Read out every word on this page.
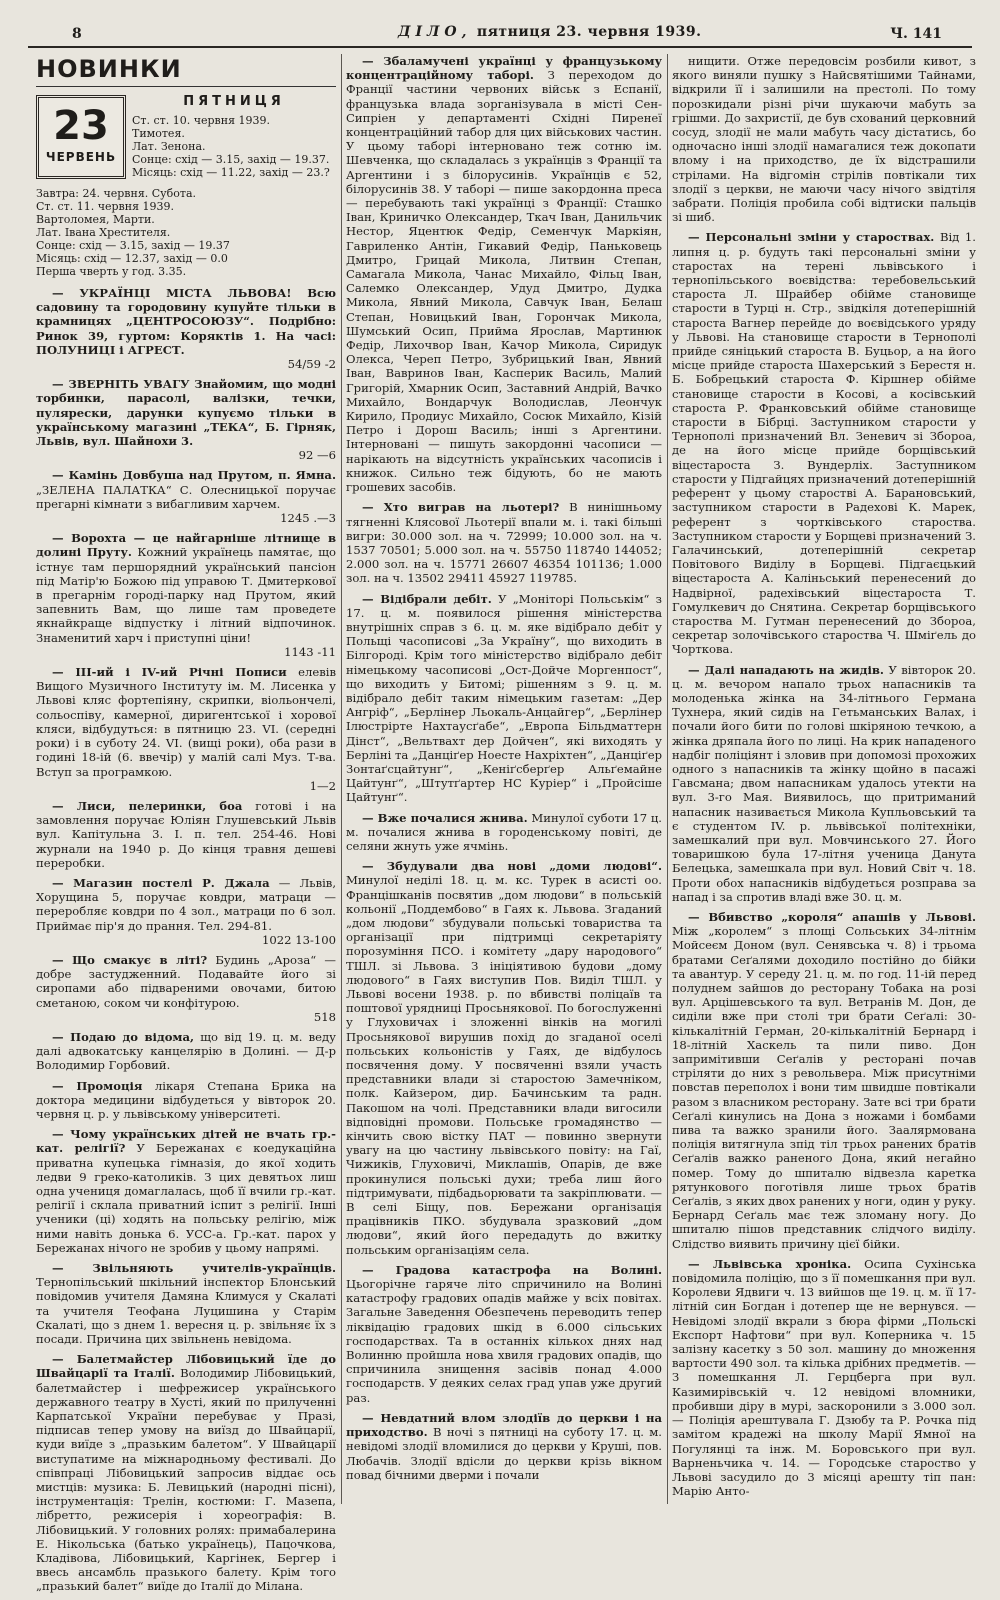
8	ДІЛО, пятниця 23. червня 1939.	Ч. 141
НОВИНКИ
23
ЧЕРВЕНЬ
ПЯТНИЦЯ
Ст. ст. 10. червня 1939.
Тимотея.
Лат. Зенона.
Сонце: схід — 3.15, захід — 19.37.
Місяць: схід — 11.22, захід — 23.?
Завтра: 24. червня. Субота.
Ст. ст. 11. червня 1939.
Вартоломея, Марти.
Лат. Івана Хрестителя.
Сонце: схід — 3.15, захід — 19.37
Місяць: схід — 12.37, захід — 0.0
Перша чверть у год. 3.35.

— УКРАЇНЦІ МІСТА ЛЬВОВА! Всю садовину та городовину купуйте тільки в крамницях „ЦЕНТРОСОЮЗУ“. Подрібно: Ринок 39, гуртом: Коряктів 1. На часі: ПОЛУНИЦІ і АГРЕСТ.
54/59 -2

— ЗВЕРНІТЬ УВАГУ Знайомим, що модні торбинки, парасолі, валізки, течки, пулярески, дарунки купуємо тільки в українському магазині „ТЕКА“, Б. Гірняк, Львів, вул. Шайнохи 3.
92 —6

— Камінь Довбуша над Прутом, п. Ямна. „ЗЕЛЕНА ПАЛАТКА“ С. Олесницької поручає прегарні кімнати з вибагливим харчем.
1245 .—3

— Ворохта — це найгарніше літнище в долині Пруту. Кожний українець памятає, що істнує там першорядний український пансіон під Матір'ю Божою під управою Т. Дмитеркової в прегарнім городі-парку над Прутом, який запевнить Вам, що лише там проведете якнайкраще відпустку і літний відпочинок. Знаменитий харч і приступні ціни!
1143 -11

— ІІІ-ий і IV-ий Річні Пописи елевів Вищого Музичного Інституту ім. М. Лисенка у Львові кляс фортепіяну, скрипки, віольончелі, сольоспіву, камерної, диригентської і хорової кляси, відбудуться: в пятницю 23. VI. (середні роки) і в суботу 24. VI. (вищі роки), оба рази в годині 18-ій (6. ввечір) у малій салі Муз. Т-ва. Вступ за програмкою.
1—2

— Лиси, пелеринки, боа готові і на замовлення поручає Юліян Глушевський Львів вул. Капітульна 3. І. п. тел. 254-46. Нові журнали на 1940 р. До кінця травня дешеві переробки.

— Магазин постелі Р. Джала — Львів, Хорущина 5, поручає ковдри, матраци — переробляє ковдри по 4 зол., матраци по 6 зол. Приймає пір'я до прання. Тел. 294-81.
1022 13-100

— Що смакує в літі? Будинь „Ароза“ — добре застудженний. Подавайте його зі сиропами або підвареними овочами, битою сметаною, соком чи конфітурою.
518

— Подаю до відома, що від 19. ц. м. веду далі адвокатську канцелярію в Долині. — Д-р Володимир Горбовий.

— Промоція лікаря Степана Брика на доктора медицини відбудеться у вівторок 20. червня ц. р. у львівському університеті.

— Чому українських дітей не вчать гр.-кат. релігії? У Бережанах є коедукаційна приватна купецька гімназія, до якої ходить ледви 9 греко-католиків. З цих девятьох лиш одна учениця домаглалась, щоб її вчили гр.-кат. релігії і склала приватний іспит з релігії. Інші ученики (ці) ходять на польську релігію, між ними навіть донька 6. УСС-а. Гр.-кат. парох у Бережанах нічого не зробив у цьому напрямі.

— Звільняють учителів-українців. Тернопільський шкільний інспектор Блонський повідомив учителя Дамяна Климуся у Скалаті та учителя Теофана Луцишина у Старім Скалаті, що з днем 1. вересня ц. р. звільняє їх з посади. Причина цих звільнень невідома.

— Балетмайстер Лібовицький їде до Швайцарії та Італії. Володимир Лібовицький, балетмайстер і шефрежисер українського державного театру в Хусті, який по прилученні Карпатської України перебуває у Празі, підписав тепер умову на виїзд до Швайцарії, куди виїде з „празьким балетом“. У Швайцарії виступатиме на міжнародньому фестивалі. До співпраці Лібовицький запросив віддає ось мистців: музика: Б. Левицький (народні пісні), інструментація: Трелін, костюми: Г. Мазепа, лібретто, режисерія і хореографія: В. Лібовицький. У головних ролях: примабалерина Е. Нікольська (батько українець), Пацочкова, Кладівова, Лібовицький, Каргінек, Бергер і ввесь ансамбль празького балету. Крім того „празький балет“ виїде до Італії до Мілана.

— Збаламучені українці у французькому концентраційному таборі. З переходом до Франції частини червоних військ з Еспанії, французька влада зорганізувала в місті Сен-Сипріен у департаменті Східні Пиренеї концентраційний табор для цих військових частин. У цьому таборі інтерновано теж сотню ім. Шевченка, що складалась з українців з Франції та Аргентини і з білорусинів. Українців є 52, білорусинів 38. У таборі — пише закордонна преса — перебувають такі українці з Франції: Сташко Іван, Криничко Олександер, Ткач Іван, Данильчик Нестор, Яцентюк Федір, Семенчук Маркіян, Гавриленко Антін, Гикавий Федір, Паньковець Дмитро, Грицай Микола, Литвин Степан, Самагала Микола, Чанас Михайло, Фільц Іван, Салемко Олександер, Удуд Дмитро, Дудка Микола, Явний Микола, Савчук Іван, Белаш Степан, Новицький Іван, Горончак Микола, Шумський Осип, Прийма Ярослав, Мартинюк Федір, Лихочвор Іван, Качор Микола, Сиридук Олекса, Череп Петро, Зубрицький Іван, Явний Іван, Вавринов Іван, Касперик Василь, Малий Григорій, Хмарник Осип, Заставний Андрій, Вачко Михайло, Вондарчук Володислав, Леончук Кирило, Продиус Михайло, Сосюк Михайло, Кізій Петро і Дорош Василь; інші з Аргентини. Інтерновані — пишуть закордонні часописи — нарікають на відсутність українських часописів і книжок. Сильно теж бідують, бо не мають грошевих засобів.

— Хто виграв на льотері? В нинішньому тягненні Клясової Льотерії впали м. і. такі більші вигри: 30.000 зол. на ч. 72999; 10.000 зол. на ч. 1537 70501; 5.000 зол. на ч. 55750 118740 144052; 2.000 зол. на ч. 15771 26607 46354 101136; 1.000 зол. на ч. 13502 29411 45927 119785.

— Відібрали дебіт. У „Моніторі Польськім“ з 17. ц. м. появилося рішення міністерства внутрішніх справ з 6. ц. м. яке відібрало дебіт у Польщі часописові „За Україну“, що виходить в Білгороді. Крім того міністерство відібрало дебіт німецькому часописові „Ост-Дойче Моргенпост“, що виходить у Битомі; рішенням з 9. ц. м. відібрало дебіт таким німецьким газетам: „Дер Ангріф“, „Берлінер Льокаль-Анцайгер“, „Берлінер Ілюстрірте Нахтаусґабе“, „Европа Більдматтерн Дінст“, „Вельтвахт дер Дойчен“, які виходять у Берліні та „Данціґер Ноесте Нахріхтен“, „Данціґер Зонтаґсцайтунґ“, „Кеніґсберґер Альґемайне Цайтунґ“, „Штутґартер НС Куріер“ і „Пройсіше Цайтунґ“.

— Вже почалися жнива. Минулої суботи 17 ц. м. почалися жнива в городенському повіті, де селяни жнуть уже ячмінь.

— Збудували два нові „доми людові“. Минулої неділі 18. ц. м. кс. Турек в асисті оо. Францішканів посвятив „дом людови“ в польській кольонії „Поддембово“ в Гаях к. Львова. Згаданий „дом людови“ збудували польські товариства та організації при підтримці секретаріяту порозуміння ПСО. і комітету „дару народового“ ТШЛ. зі Львова. З ініціятивою будови „дому людового“ в Гаях виступив Пов. Виділ ТШЛ. у Львові восени 1938. р. по вбивстві поліцаїв та поштової урядниці Просьнякової. По богослуженні у Глуховичах і зложенні вінків на могилі Просьнякової вирушив похід до згаданої оселі польських кольоністів у Гаях, де відбулось посвячення дому. У посвяченні взяли участь представники влади зі старостою Замечніком, полк. Кайзером, дир. Бачинським та радн. Пакошом на чолі. Представники влади вигосили відповідні промови. Польське громадянство — кінчить свою вістку ПАТ — повинно звернути увагу на цю частину львівського повіту: на Гаї, Чижиків, Глуховичі, Миклашів, Опарів, де вже прокинулися польські духи; треба лиш його підтримувати, підбадьорювати та закріплювати. — В селі Біщу, пов. Бережани організація працівників ПКО. збудувала зразковий „дом людови“, який його передадуть до вжитку польським організаціям села.

— Градова катастрофа на Волині. Цьогорічне гаряче літо спричинило на Волині катастрофу градових опадів майже у всіх повітах. Загальне Заведення Обезпечень переводить тепер ліквідацію градових шкід в 6.000 сільських господарствах. Та в останніх кількох днях над Волинню пройшла нова хвиля градових опадів, що спричинила знищення засівів понад 4.000 господарств. У деяких селах град упав уже другий раз.

— Невдатний влом злодіїв до церкви і на приходство. В ночі з пятниці на суботу 17. ц. м. невідомі злодії вломилися до церкви у Круші, пов. Любачів. Злодії вдісли до церкви крізь вікном повад бічними дверми і почали

нищити. Отже передовсім розбили кивот, з якого виняли пушку з Найсвятішими Тайнами, відкрили її і залишили на престолі. По тому порозкидали різні річи шукаючи мабуть за грішми. До захристії, де був схований церковний сосуд, злодії не мали мабуть часу дістатись, бо одночасно інші злодії намагалися теж докопати влому і на приходство, де їх відстрашили стрілами. На відгомін стрілів повтікали тих злодії з церкви, не маючи часу нічого звідтіля забрати. Поліція пробила собі відтиски пальців зі шиб.

— Персональні зміни у староствах. Від 1. липня ц. р. будуть такі персональні зміни у старостах на терені львівського і тернопільського воєвідства: теребовельський староста Л. Шрайбер обійме становище старости в Турці н. Стр., звідкіля дотеперішній староста Вагнер перейде до воєвідського уряду у Львові. На становище старости в Тернополі прийде сяніцький староста В. Буцьор, а на його місце прийде староста Шахерський з Берестя н. Б. Бобрецький староста Ф. Кіршнер обійме становище старости в Косові, а косівський староста Р. Франковський обійме становище старости в Бібрці. Заступником старости у Тернополі призначений Вл. Зеневич зі Збороа, де на його місце прийде борщівський віцестароста З. Вундерліх. Заступником старости у Підгайцях призначений дотеперішній референт у цьому старостві А. Барановський, заступником старости в Радехові К. Марек, референт з чортківського староства. Заступником старости у Борщеві призначений З. Галачинський, дотеперішній секретар Повітового Виділу в Борщеві. Підгаєцький віцестароста А. Каліньський перенесений до Надвірної, радехівський віцестароста Т. Гомулкевич до Снятина. Секретар борщівського староства М. Гутман перенесений до Збороа, секретар золочівського староства Ч. Шміґель до Чорткова.

— Далі нападають на жидів. У вівторок 20. ц. м. вечором напало трьох напасників та молоденька жінка на 34-літнього Германа Тухнера, який сидів на Гетьманських Валах, і почали його бити по голові шкіряною течкою, а жінка дряпала його по лиці. На крик нападеного надбіг поліціянт і зловив при допомозі прохожих одного з напасників та жінку щойно в пасажі Гавсмана; двом напасникам удалось утекти на вул. 3-го Мая. Виявилось, що притриманий напасник називається Микола Купльовський та є студентом IV. р. львівської політехніки, замешкалий при вул. Мовчинського 27. Його товаришкою була 17-літня ученица Данута Белецька, замешкала при вул. Новий Світ ч. 18. Проти обох напасників відбудеться розправа за напад і за спротив владі вже 30. ц. м.

— Вбивство „короля“ апашів у Львові. Між „королем“ з площі Сольських 34-літнім Мойсеєм Доном (вул. Сенявська ч. 8) і трьома братами Сеґалями доходило постійно до бійки та авантур. У середу 21. ц. м. по год. 11-ій перед полуднем зайшов до ресторану Тобака на розі вул. Арцішевського та вул. Ветранів М. Дон, де сиділи вже при столі три брати Сеґалі: 30-кількалітній Герман, 20-кількалітній Бернард і 18-літній Хаскель та пили пиво. Дон запримітивши Сеґалів у ресторані почав стріляти до них з револьвера. Між присутніми повстав переполох і вони тим швидше повтікали разом з власником ресторану. Зате всі три брати Сеґалі кинулись на Дона з ножами і бомбами пива та важко зранили його. Заалярмована поліція витягнула зпід тіл трьох ранених братів Сеґалів важко раненого Дона, який негайно помер. Тому до шпиталю відвезла каретка рятункового поготівля лише трьох братів Сеґалів, з яких двох ранених у ноги, один у руку. Бернард Сеґаль має теж зломану ногу. До шпиталю пішов представник слідчого виділу. Слідство виявить причину цієї бійки.

— Львівська хроніка. Осипа Сухінська повідомила поліцію, що з її помешкання при вул. Королеви Ядвиги ч. 13 вийшов ще 19. ц. м. її 17-літній син Богдан і дотепер ще не вернувся. — Невідомі злодії вкрали з бюра фірми „Польскі Експорт Нафтови“ при вул. Коперника ч. 15 залізну касетку з 50 зол. машину до множення вартости 490 зол. та кілька дрібних предметів. — З помешкання Л. Герцберга при вул. Казимирівській ч. 12 невідомі вломники, пробивши діру в мурі, заскоронили з 3.000 зол. — Поліція арештувала Г. Дзюбу та Р. Рочка під замітом крадежі на школу Марії Ямної на Погулянці та інж. М. Боровського при вул. Варненьчика ч. 14. — Городське староство у Львові засудило до 3 місяці арешту тіп пан: Марію Анто-
